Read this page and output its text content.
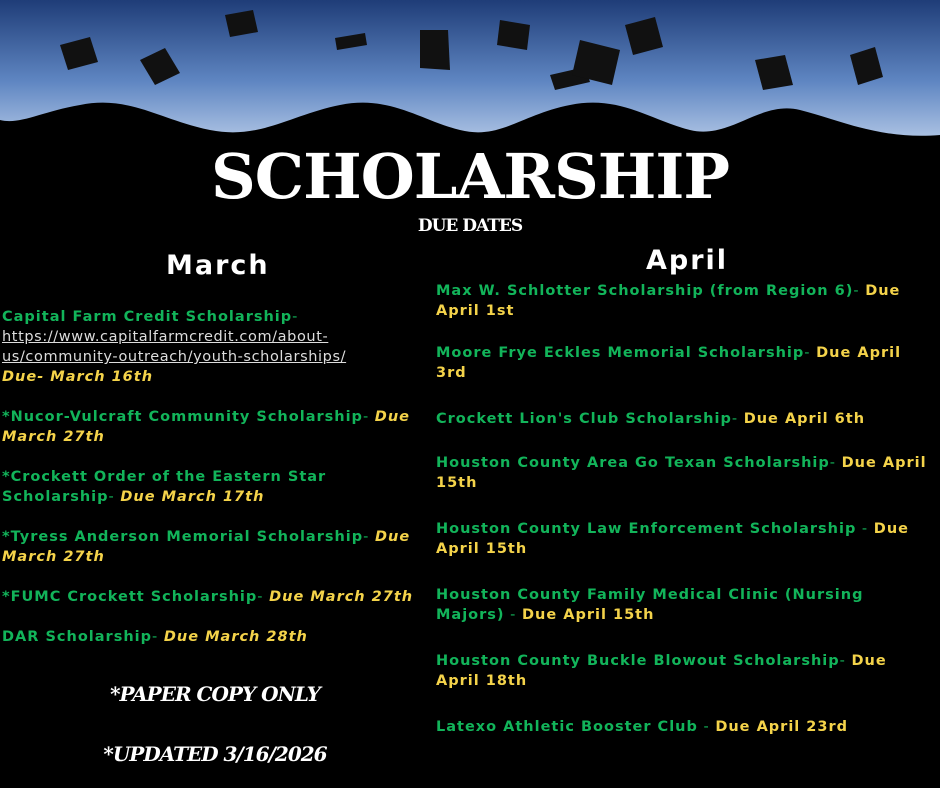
SCHOLARSHIP
DUE DATES
March	April
Capital Farm Credit Scholarship-
https://www.capitalfarmcredit.com/about-us/community-outreach/youth-scholarships/
Due- March 16th
*Nucor-Vulcraft Community Scholarship- Due March 27th
*Crockett Order of the Eastern Star Scholarship- Due March 17th
*Tyress Anderson Memorial Scholarship- Due March 27th
*FUMC Crockett Scholarship- Due March 27th
DAR Scholarship- Due March 28th
Max W. Schlotter Scholarship (from Region 6)- Due April 1st
Moore Frye Eckles Memorial Scholarship- Due April 3rd
Crockett Lion's Club Scholarship- Due April 6th
Houston County Area Go Texan Scholarship- Due April 15th
Houston County Law Enforcement Scholarship - Due April 15th
Houston County Family Medical Clinic (Nursing Majors) - Due April 15th
Houston County Buckle Blowout Scholarship- Due April 18th
Latexo Athletic Booster Club - Due April 23rd
*PAPER COPY ONLY
*UPDATED 3/16/2026
